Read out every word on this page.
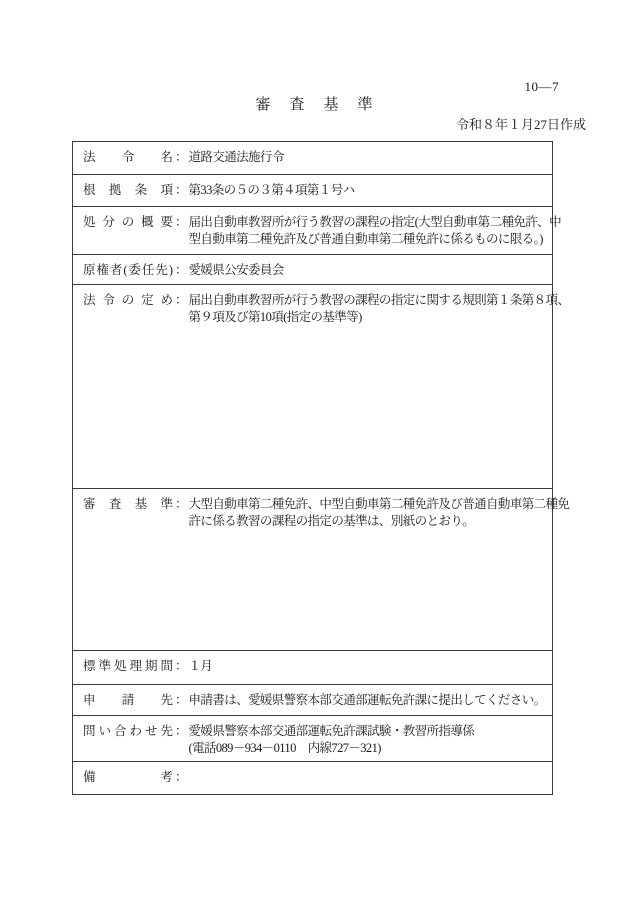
10—7
審　査　基　準
令和８年１月27日作成
法　令　名 ： 道路交通法施行令
根　拠　条　項 ： 第33条の５の３第４項第１号ハ
処分の概要 ： 届出自動車教習所が行う教習の課程の指定(大型自動車第二種免許、中
型自動車第二種免許及び普通自動車第二種免許に係るものに限る。)
原権者(委任先) ： 愛媛県公安委員会
法令の定め ： 届出自動車教習所が行う教習の課程の指定に関する規則第１条第８項、
第９項及び第10項(指定の基準等)
審　査　基　準 ： 大型自動車第二種免許、中型自動車第二種免許及び普通自動車第二種免
許に係る教習の課程の指定の基準は、別紙のとおり。
標準処理期間 ： １月
申　　請　　先 ： 申請書は、愛媛県警察本部交通部運転免許課に提出してください。
問い合わせ先 ： 愛媛県警察本部交通部運転免許課試験・教習所指導係
(電話089－934－0110　内線727－321)
備　　　　考 ：
